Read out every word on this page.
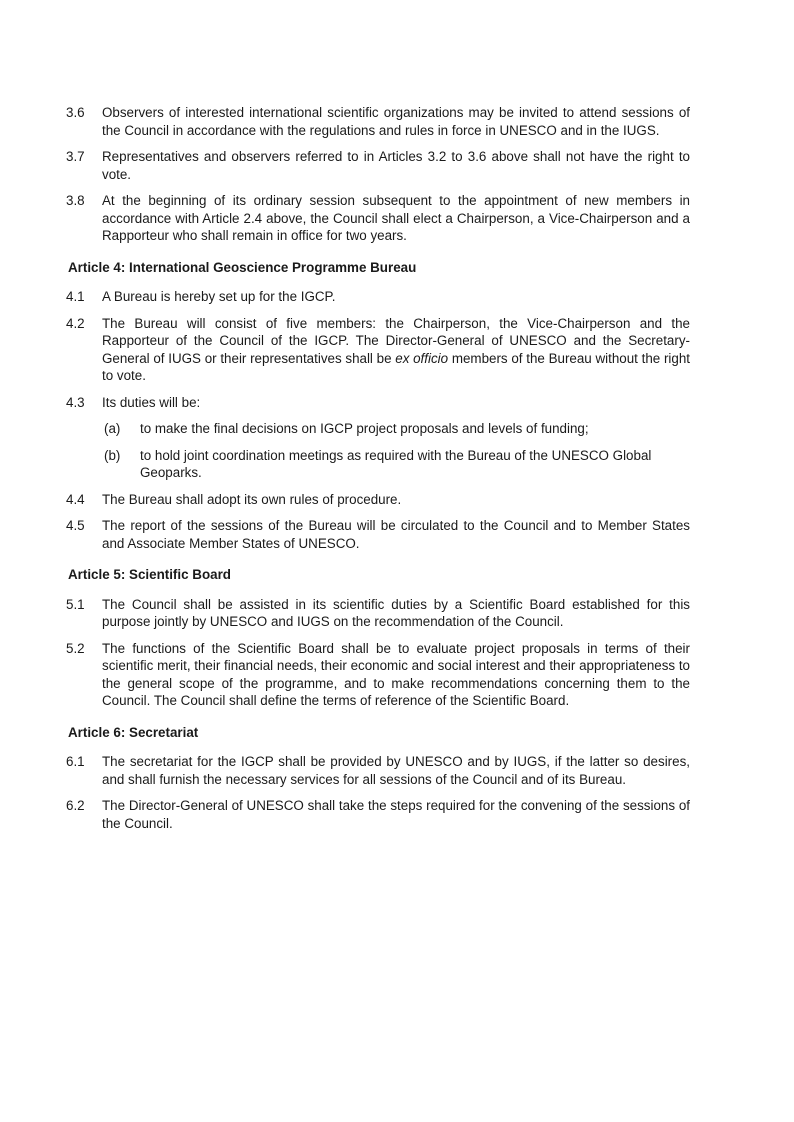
3.6	Observers of interested international scientific organizations may be invited to attend sessions of the Council in accordance with the regulations and rules in force in UNESCO and in the IUGS.
3.7	Representatives and observers referred to in Articles 3.2 to 3.6 above shall not have the right to vote.
3.8	At the beginning of its ordinary session subsequent to the appointment of new members in accordance with Article 2.4 above, the Council shall elect a Chairperson, a Vice-Chairperson and a Rapporteur who shall remain in office for two years.
Article 4: International Geoscience Programme Bureau
4.1	A Bureau is hereby set up for the IGCP.
4.2	The Bureau will consist of five members: the Chairperson, the Vice-Chairperson and the Rapporteur of the Council of the IGCP. The Director-General of UNESCO and the Secretary-General of IUGS or their representatives shall be ex officio members of the Bureau without the right to vote.
4.3	Its duties will be:
(a)	to make the final decisions on IGCP project proposals and levels of funding;
(b)	to hold joint coordination meetings as required with the Bureau of the UNESCO Global Geoparks.
4.4	The Bureau shall adopt its own rules of procedure.
4.5	The report of the sessions of the Bureau will be circulated to the Council and to Member States and Associate Member States of UNESCO.
Article 5: Scientific Board
5.1	The Council shall be assisted in its scientific duties by a Scientific Board established for this purpose jointly by UNESCO and IUGS on the recommendation of the Council.
5.2	The functions of the Scientific Board shall be to evaluate project proposals in terms of their scientific merit, their financial needs, their economic and social interest and their appropriateness to the general scope of the programme, and to make recommendations concerning them to the Council. The Council shall define the terms of reference of the Scientific Board.
Article 6: Secretariat
6.1	The secretariat for the IGCP shall be provided by UNESCO and by IUGS, if the latter so desires, and shall furnish the necessary services for all sessions of the Council and of its Bureau.
6.2	The Director-General of UNESCO shall take the steps required for the convening of the sessions of the Council.
